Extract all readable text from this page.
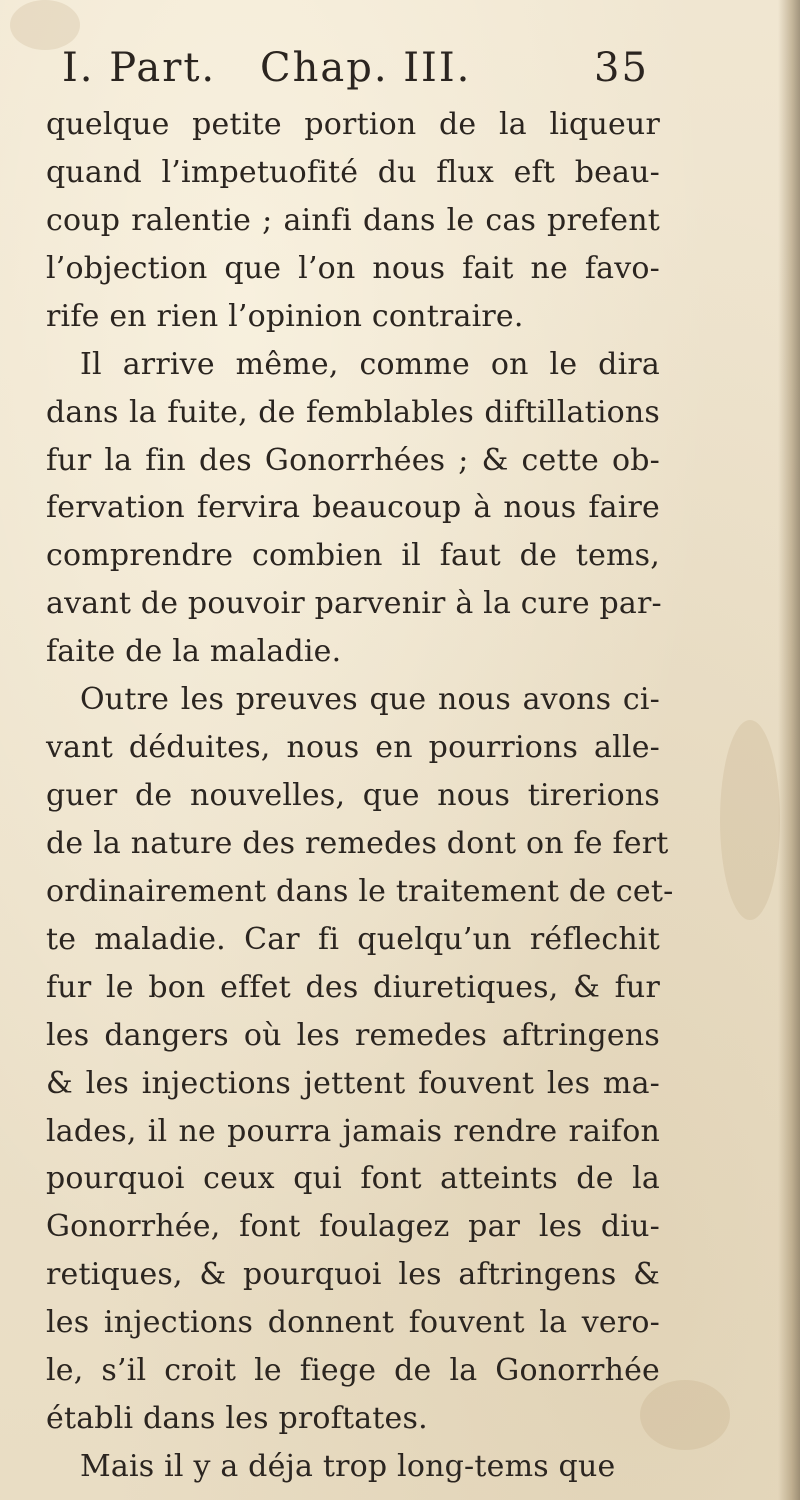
I. Part. Chap. III.	35
quelque petite portion de la liqueur
quand l’impetuofité du flux eft beau-
coup ralentie ; ainfi dans le cas prefent
l’objection que l’on nous fait ne favo-
rife en rien l’opinion contraire.
Il arrive même, comme on le dira
dans la fuite, de femblables diftillations
fur la fin des Gonorrhées ; & cette ob-
fervation fervira beaucoup à nous faire
comprendre combien il faut de tems,
avant de pouvoir parvenir à la cure par-
faite de la maladie.
Outre les preuves que nous avons ci-
vant déduites, nous en pourrions alle-
guer de nouvelles, que nous tirerions
de la nature des remedes dont on fe fert
ordinairement dans le traitement de cet-
te maladie. Car fi quelqu’un réflechit
fur le bon effet des diuretiques, & fur
les dangers où les remedes aftringens
& les injections jettent fouvent les ma-
lades, il ne pourra jamais rendre raifon
pourquoi ceux qui font atteints de la
Gonorrhée, font foulagez par les diu-
retiques, & pourquoi les aftringens &
les injections donnent fouvent la vero-
le, s’il croit le fiege de la Gonorrhée
établi dans les proftates.
Mais il y a déja trop long-tems que
